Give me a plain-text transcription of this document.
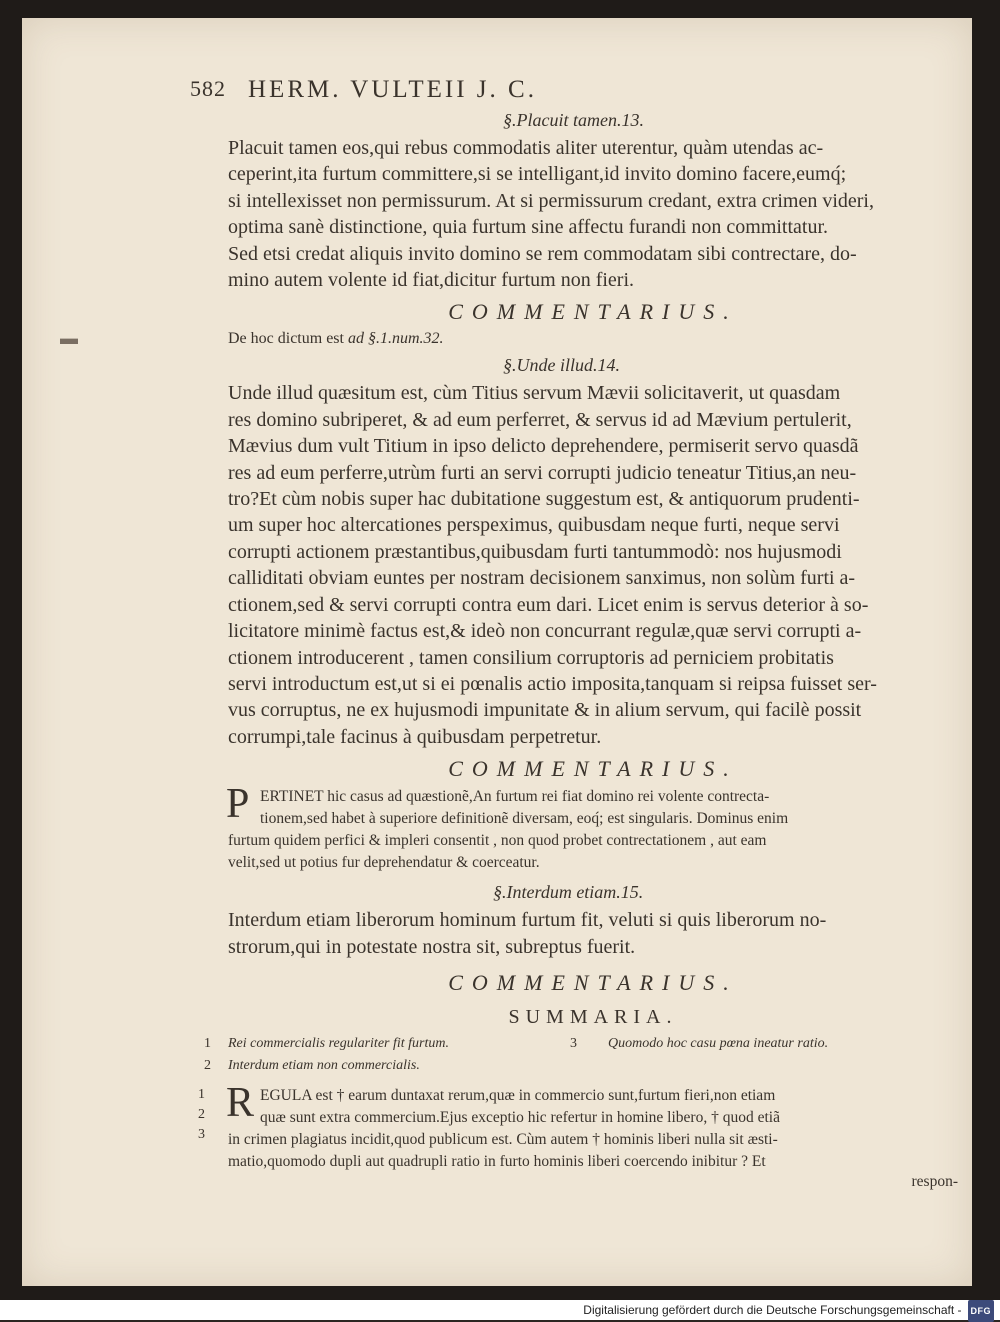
▬
582 HERM. VULTEII J. C.
§.Placuit tamen.13.
Placuit tamen eos,qui rebus commodatis aliter uterentur, quàm utendas ac-
ceperint,ita furtum committere,si se intelligant,id invito domino facere,eumq́;
si intellexisset non permissurum. At si permissurum credant, extra crimen videri,
optima sanè distinctione, quia furtum sine affectu furandi non committatur.
Sed etsi credat aliquis invito domino se rem commodatam sibi contrectare, do-
mino autem volente id fiat,dicitur furtum non fieri.
COMMENTARIUS.
De hoc dictum est ad §.1.num.32.
§.Unde illud.14.
Unde illud quæsitum est, cùm Titius servum Mævii solicitaverit, ut quasdam
res domino subriperet, & ad eum perferret, & servus id ad Mævium pertulerit,
Mævius dum vult Titium in ipso delicto deprehendere, permiserit servo quasdã
res ad eum perferre,utrùm furti an servi corrupti judicio teneatur Titius,an neu-
tro?Et cùm nobis super hac dubitatione suggestum est, & antiquorum prudenti-
um super hoc altercationes perspeximus, quibusdam neque furti, neque servi
corrupti actionem præstantibus,quibusdam furti tantummodò: nos hujusmodi
calliditati obviam euntes per nostram decisionem sanximus, non solùm furti a-
ctionem,sed & servi corrupti contra eum dari. Licet enim is servus deterior à so-
licitatore minimè factus est,& ideò non concurrant regulæ,quæ servi corrupti a-
ctionem introducerent , tamen consilium corruptoris ad perniciem probitatis
servi introductum est,ut si ei pœnalis actio imposita,tanquam si reipsa fuisset ser-
vus corruptus, ne ex hujusmodi impunitate & in alium servum, qui facilè possit
corrumpi,tale facinus à quibusdam perpetretur.
COMMENTARIUS.
P ERTINET hic casus ad quæstionẽ,An furtum rei fiat domino rei volente contrecta-
tionem,sed habet à superiore definitionẽ diversam, eoq́; est singularis. Dominus enim
furtum quidem perfici & impleri consentit , non quod probet contrectationem , aut eam
velit,sed ut potius fur deprehendatur & coerceatur.
§.Interdum etiam.15.
Interdum etiam liberorum hominum furtum fit, veluti si quis liberorum no-
strorum,qui in potestate nostra sit, subreptus fuerit.
COMMENTARIUS.
SUMMARIA.
1 Rei commercialis regulariter fit furtum.	3 Quomodo hoc casu pœna ineatur ratio.
2 Interdum etiam non commercialis.
1
2
3
R EGULA est † earum duntaxat rerum,quæ in commercio sunt,furtum fieri,non etiam
quæ sunt extra commercium.Ejus exceptio hic refertur in homine libero, † quod etiã
in crimen plagiatus incidit,quod publicum est. Cùm autem † hominis liberi nulla sit æsti-
matio,quomodo dupli aut quadrupli ratio in furto hominis liberi coercendo inibitur ? Et
respon-
Digitalisierung gefördert durch die Deutsche Forschungsgemeinschaft - DFG
